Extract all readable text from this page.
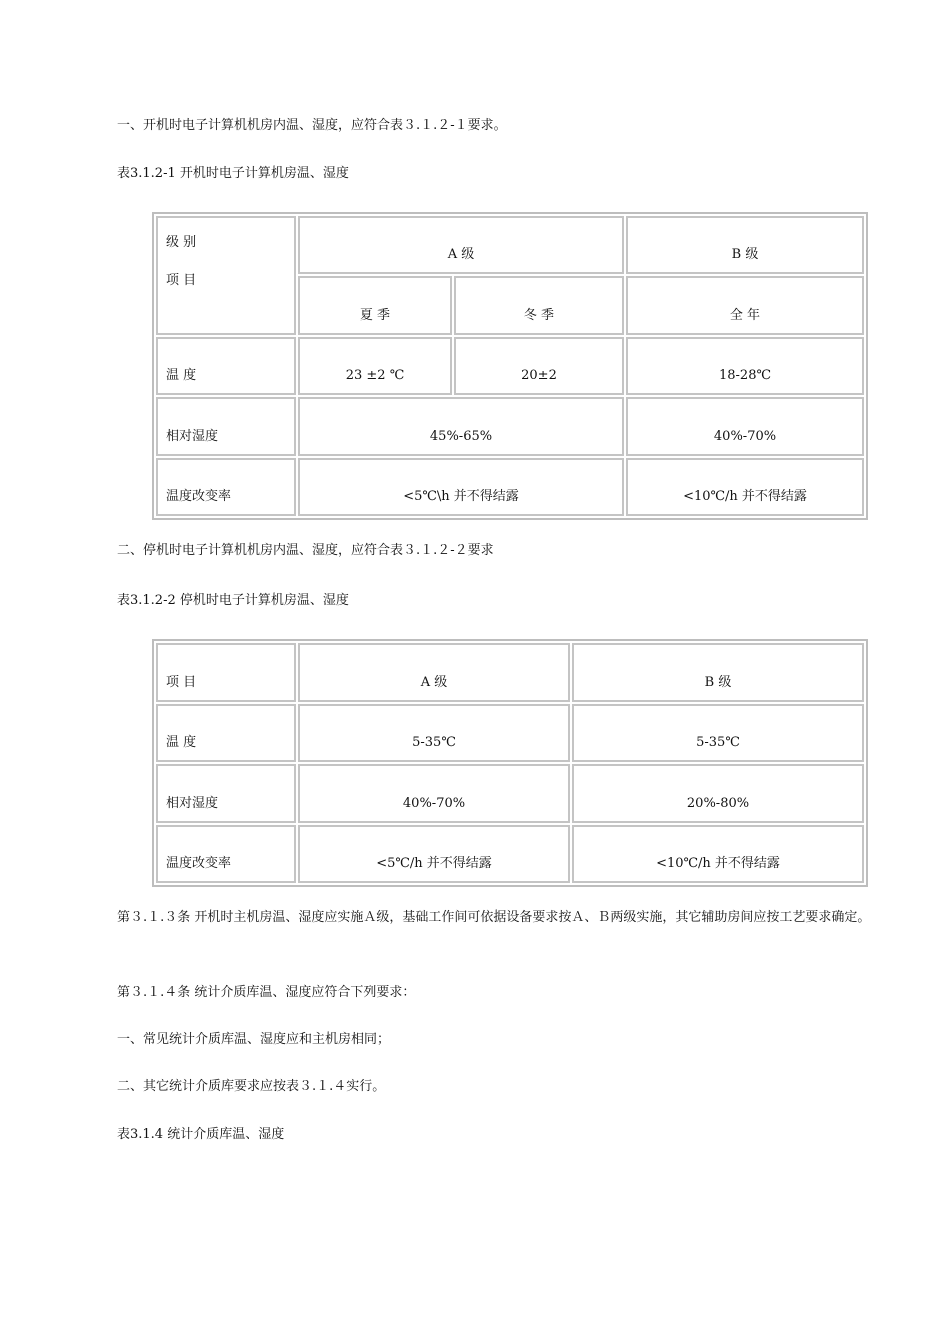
一、开机时电子计算机机房内温、湿度，应符合表３.１.２-１要求。
表3.1.2-1 开机时电子计算机房温、湿度
级 别
项 目	A 级		B 级
	夏 季	冬 季	全 年
温 度	23 ±2 ℃	20±2	18-28℃
相对湿度	45%-65%		40%-70%
温度改变率	<5℃\h 并不得结露		<10℃/h 并不得结露
二、停机时电子计算机机房内温、湿度，应符合表３.１.２-２要求
表3.1.2-2 停机时电子计算机房温、湿度
项 目	A 级	B 级
温 度	5-35℃	5-35℃
相对湿度	40%-70%	20%-80%
温度改变率	<5℃/h 并不得结露	<10℃/h 并不得结露
第３.１.３条 开机时主机房温、湿度应实施Ａ级，基础工作间可依据设备要求按Ａ、Ｂ两级实施，其它辅助房间应按工艺要求确定。
第３.１.４条 统计介质库温、湿度应符合下列要求：
一、常见统计介质库温、湿度应和主机房相同；
二、其它统计介质库要求应按表３.１.４实行。
表3.1.4 统计介质库温、湿度
